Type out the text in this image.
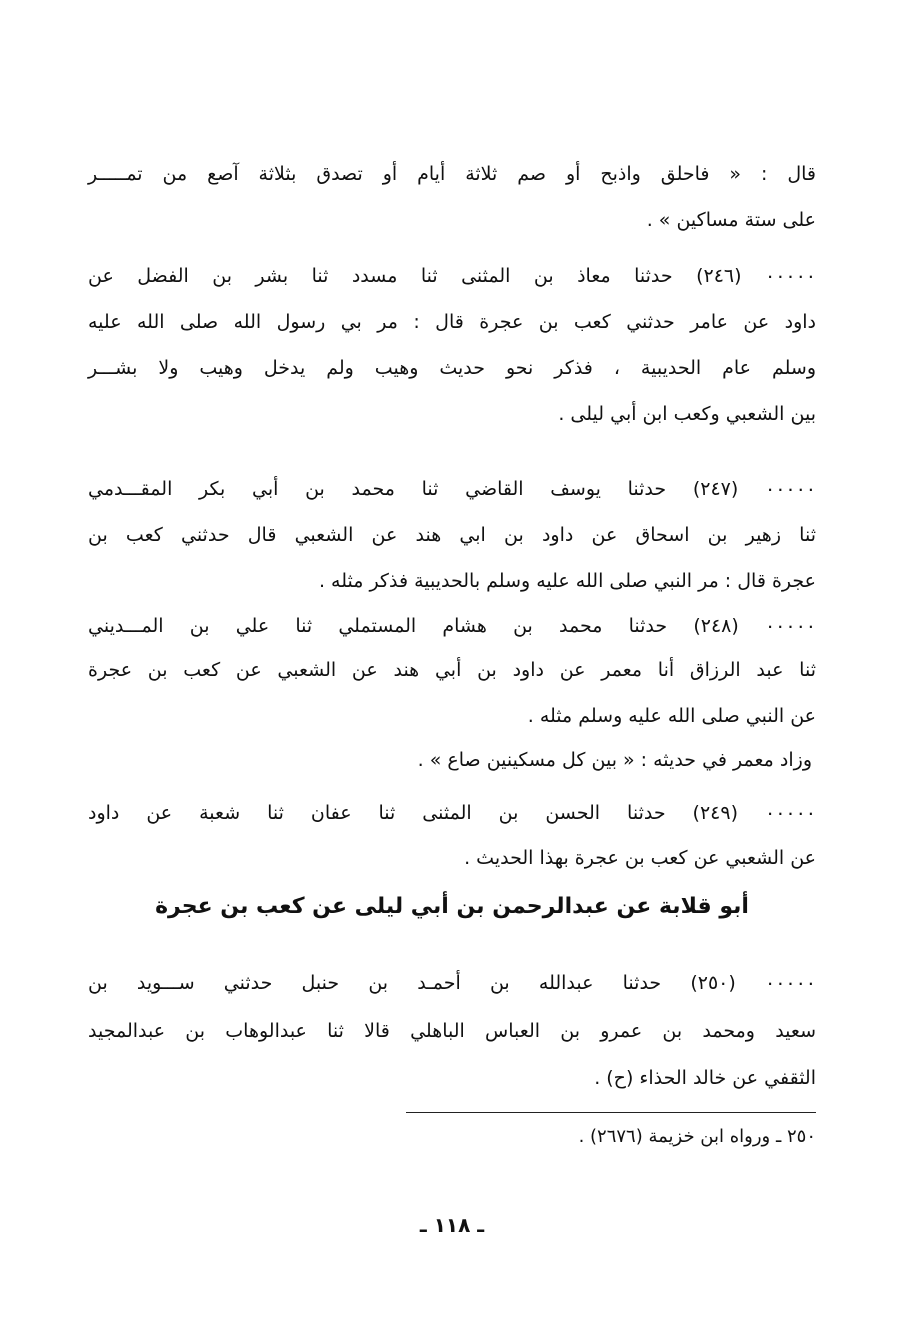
قال : « فاحلق واذبح أو صم ثلاثة أيام أو تصدق بثلاثة آصع من تمـــــر
على ستة مساكين » .
٠٠٠٠٠ (٢٤٦) حدثنا معاذ بن المثنى ثنا مسدد ثنا بشر بن الفضل عن
داود عن عامر حدثني كعب بن عجرة قال : مر بي رسول الله صلى الله عليه
وسلم عام الحديبية ، فذكر نحو حديث وهيب ولم يدخل وهيب ولا بشـــر
بين الشعبي وكعب ابن أبي ليلى .
٠٠٠٠٠ (٢٤٧) حدثنا يوسف القاضي ثنا محمد بن أبي بكر المقـــدمي
ثنا زهير بن اسحاق عن داود بن ابي هند عن الشعبي قال حدثني كعب بن
عجرة قال : مر النبي صلى الله عليه وسلم بالحديبية فذكر مثله .
٠٠٠٠٠ (٢٤٨) حدثنا محمد بن هشام المستملي ثنا علي بن المـــديني
ثنا عبد الرزاق أنا معمر عن داود بن أبي هند عن الشعبي عن كعب بن عجرة
عن النبي صلى الله عليه وسلم مثله .
وزاد معمر في حديثه : « بين كل مسكينين صاع » .
٠٠٠٠٠ (٢٤٩) حدثنا الحسن بن المثنى ثنا عفان ثنا شعبة عن داود
عن الشعبي عن كعب بن عجرة بهذا الحديث .
أبو قلابة عن عبدالرحمن بن أبي ليلى عن كعب بن عجرة
٠٠٠٠٠ (٢٥٠) حدثنا عبدالله بن أحمـد بن حنبل حدثني ســـويد بن
سعيد ومحمد بن عمرو بن العباس الباهلي قالا ثنا عبدالوهاب بن عبدالمجيد
الثقفي عن خالد الحذاء (ح) .
٢٥٠ ـ ورواه ابن خزيمة (٢٦٧٦) .
ـ ١١٨ ـ
